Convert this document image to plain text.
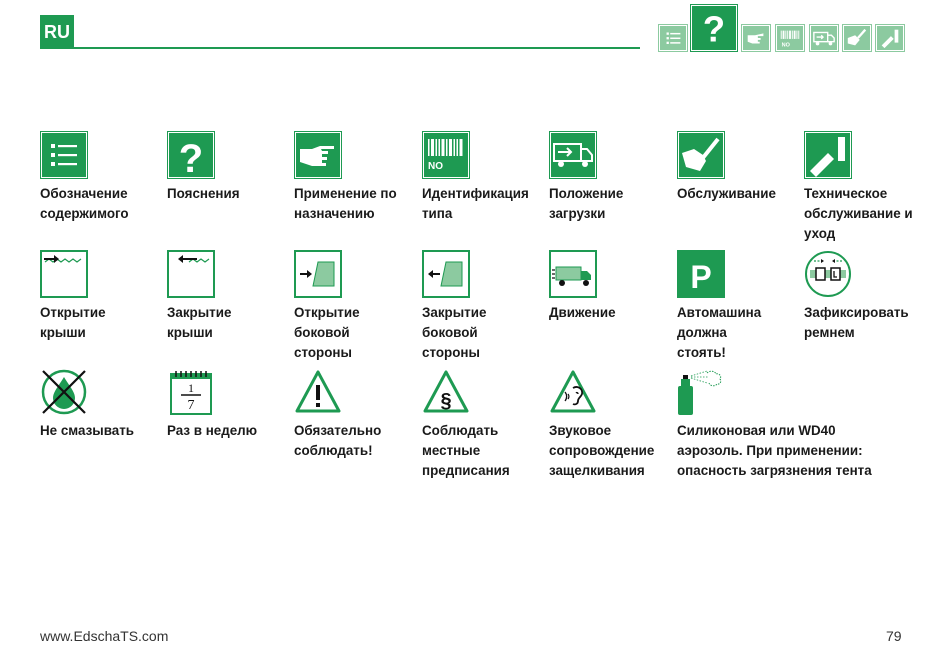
RU	?	NO
Обозначение
содержимого
?
Пояснения	Применение по
назначению
NO
Идентификация
типа
Положение
загрузки
Обслуживание	Техническое
обслуживание и
уход
Открытие
крыши
Закрытие
крыши
Открытие
боковой
стороны
Закрытие
боковой
стороны
Движение
P
Автомашина
должна
стоять!
Зафиксировать
ремнем
Не смазывать
1
7
Раз в неделю	Обязательно
соблюдать!
§
Соблюдать
местные
предписания
Звуковое
сопровождение
защелкивания
Силиконовая или WD40
аэрозоль. При применении:
опасность загрязнения тента
www.EdschaTS.com	79
